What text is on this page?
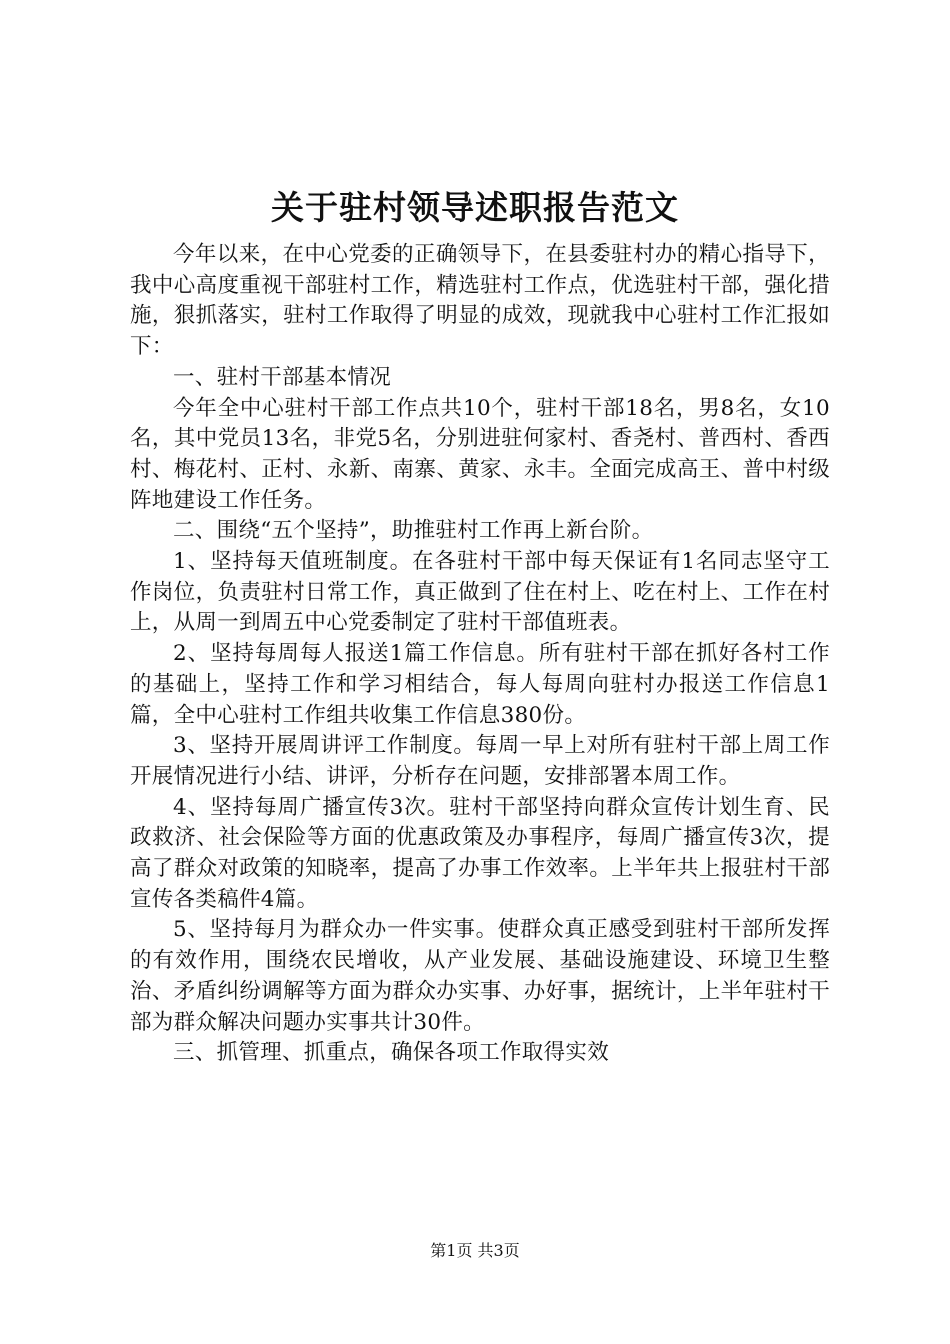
关于驻村领导述职报告范文

今年以来，在中心党委的正确领导下，在县委驻村办的精心指导下，我中心高度重视干部驻村工作，精选驻村工作点，优选驻村干部，强化措施，狠抓落实，驻村工作取得了明显的成效，现就我中心驻村工作汇报如下：

一、驻村干部基本情况

今年全中心驻村干部工作点共10个，驻村干部18名，男8名，女10名，其中党员13名，非党5名，分别进驻何家村、香尧村、普西村、香西村、梅花村、正村、永新、南寨、黄家、永丰。全面完成高王、普中村级阵地建设工作任务。

二、围绕“五个坚持”，助推驻村工作再上新台阶。

1、坚持每天值班制度。在各驻村干部中每天保证有1名同志坚守工作岗位，负责驻村日常工作，真正做到了住在村上、吃在村上、工作在村上，从周一到周五中心党委制定了驻村干部值班表。

2、坚持每周每人报送1篇工作信息。所有驻村干部在抓好各村工作的基础上，坚持工作和学习相结合，每人每周向驻村办报送工作信息1篇，全中心驻村工作组共收集工作信息380份。

3、坚持开展周讲评工作制度。每周一早上对所有驻村干部上周工作开展情况进行小结、讲评，分析存在问题，安排部署本周工作。

4、坚持每周广播宣传3次。驻村干部坚持向群众宣传计划生育、民政救济、社会保险等方面的优惠政策及办事程序，每周广播宣传3次，提高了群众对政策的知晓率，提高了办事工作效率。上半年共上报驻村干部宣传各类稿件4篇。

5、坚持每月为群众办一件实事。使群众真正感受到驻村干部所发挥的有效作用，围绕农民增收，从产业发展、基础设施建设、环境卫生整治、矛盾纠纷调解等方面为群众办实事、办好事，据统计，上半年驻村干部为群众解决问题办实事共计30件。

三、抓管理、抓重点，确保各项工作取得实效

第1页 共3页
